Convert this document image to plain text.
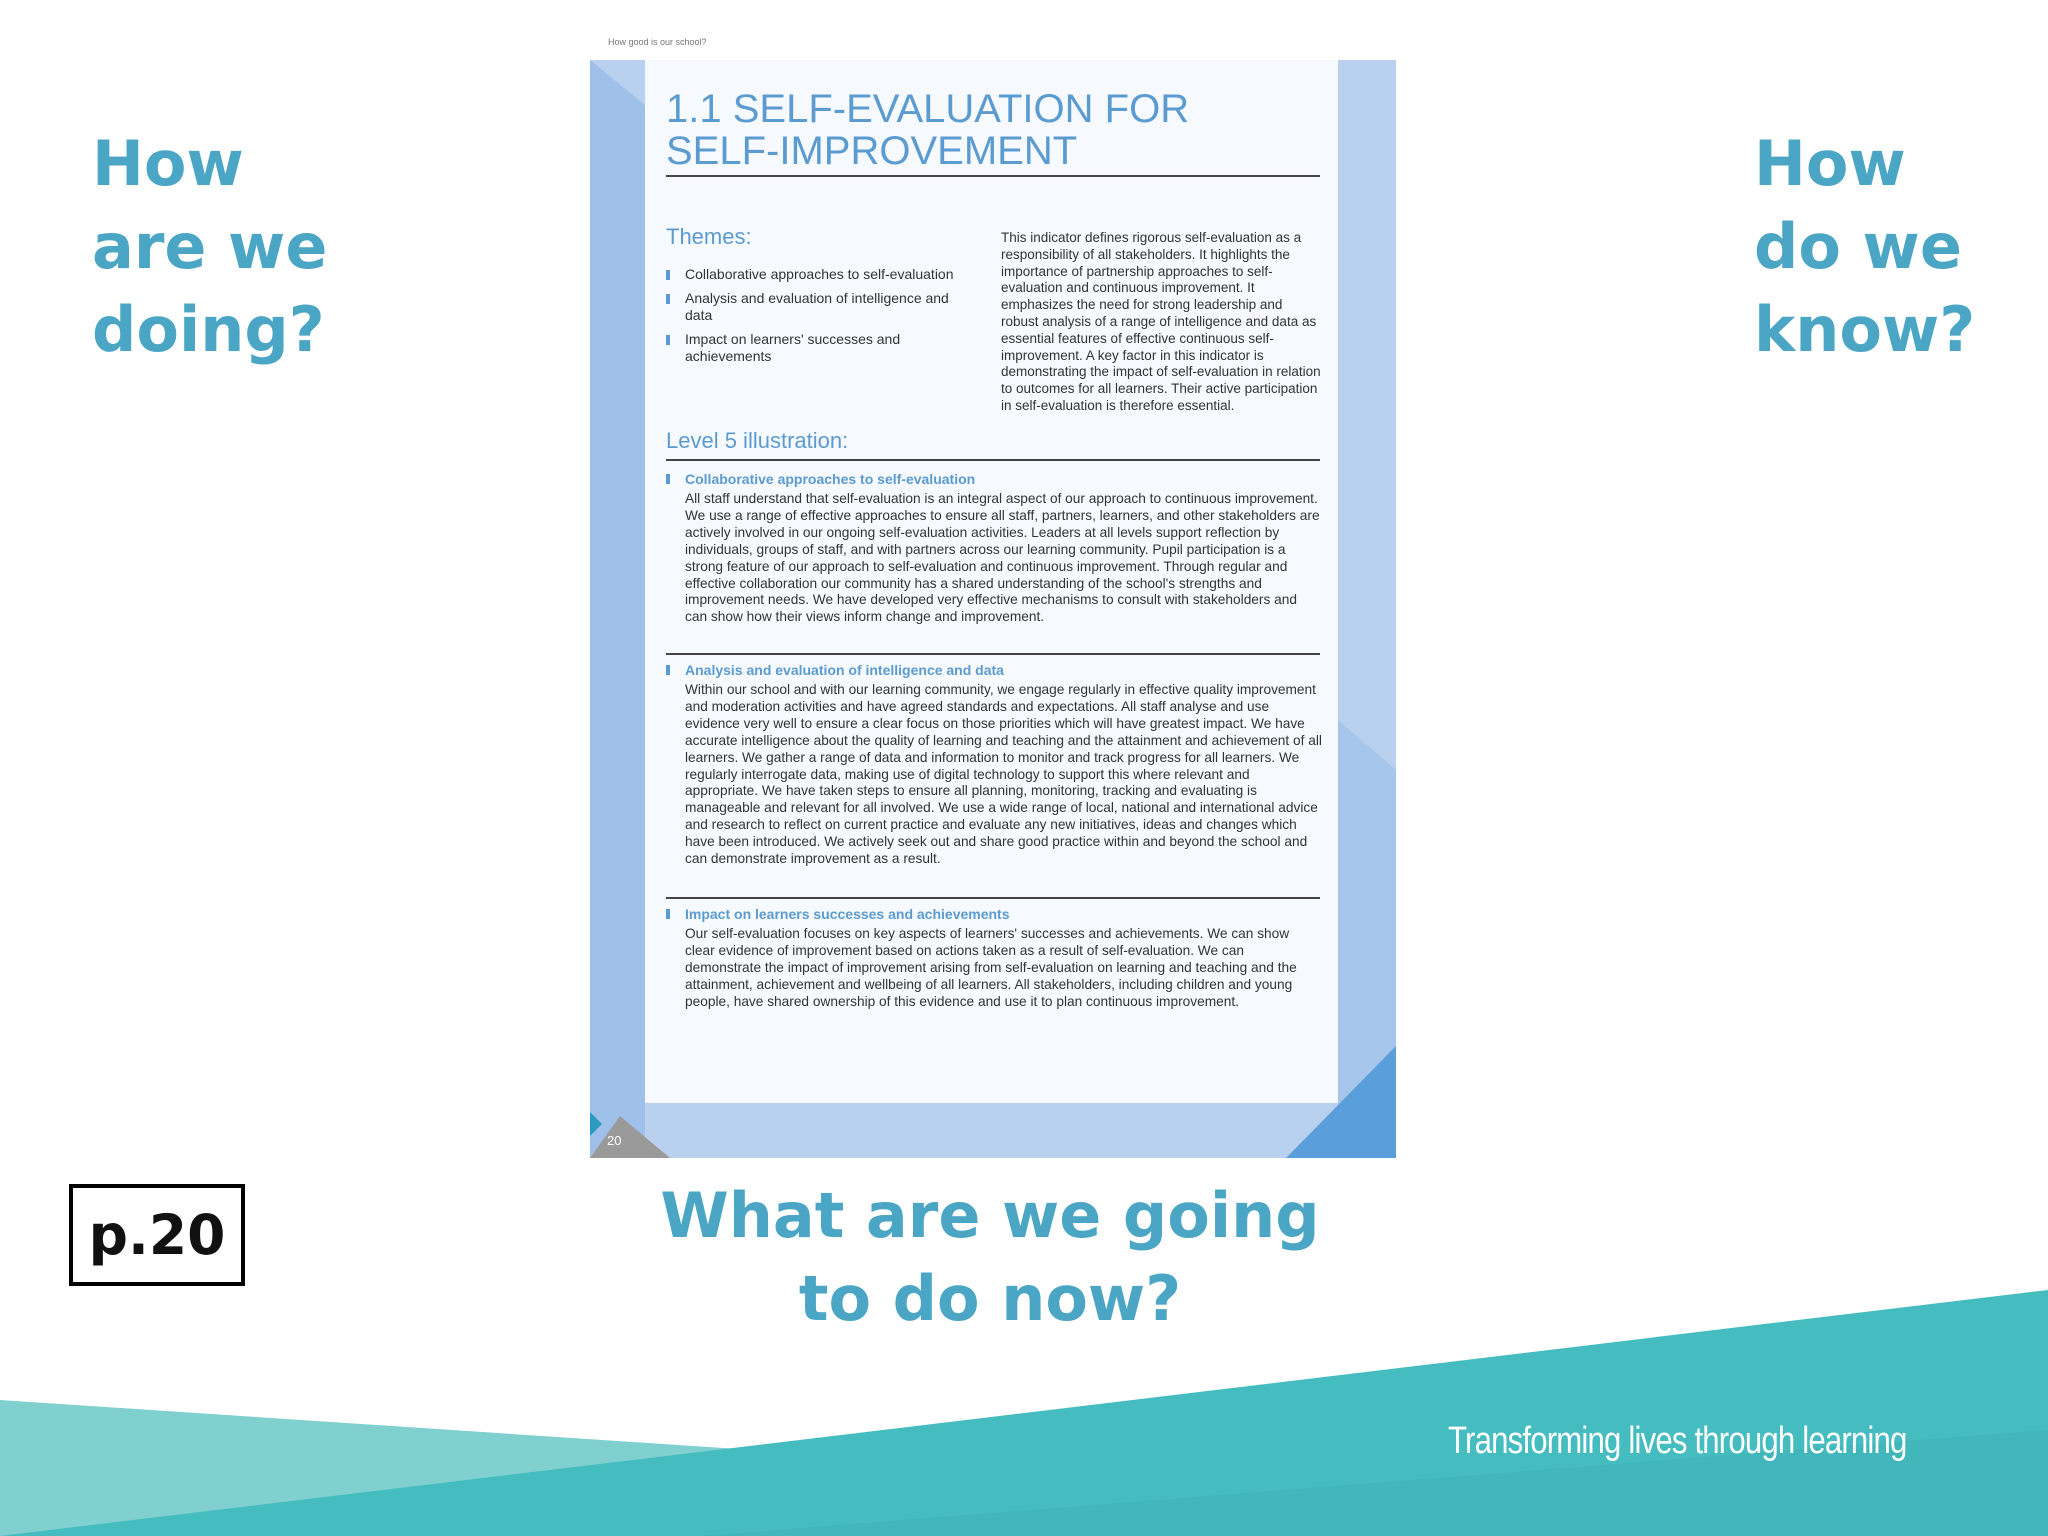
How
are we
doing?
How
do we
know?
What are we going
to do now?
p.20
How good is our school?
20
1.1 SELF-EVALUATION FOR
SELF-IMPROVEMENT
Themes:
Collaborative approaches to self-evaluation
Analysis and evaluation of intelligence and data
Impact on learners' successes and achievements
This indicator defines rigorous self-evaluation as a responsibility of all stakeholders. It highlights the importance of partnership approaches to self-evaluation and continuous improvement. It emphasizes the need for strong leadership and robust analysis of a range of intelligence and data as essential features of effective continuous self-improvement. A key factor in this indicator is demonstrating the impact of self-evaluation in relation to outcomes for all learners. Their active participation in self-evaluation is therefore essential.
Level 5 illustration:
Collaborative approaches to self-evaluation
All staff understand that self-evaluation is an integral aspect of our approach to continuous improvement. We use a range of effective approaches to ensure all staff, partners, learners, and other stakeholders are actively involved in our ongoing self-evaluation activities. Leaders at all levels support reflection by individuals, groups of staff, and with partners across our learning community. Pupil participation is a strong feature of our approach to self-evaluation and continuous improvement. Through regular and effective collaboration our community has a shared understanding of the school's strengths and improvement needs. We have developed very effective mechanisms to consult with stakeholders and can show how their views inform change and improvement.
Analysis and evaluation of intelligence and data
Within our school and with our learning community, we engage regularly in effective quality improvement and moderation activities and have agreed standards and expectations. All staff analyse and use evidence very well to ensure a clear focus on those priorities which will have greatest impact. We have accurate intelligence about the quality of learning and teaching and the attainment and achievement of all learners. We gather a range of data and information to monitor and track progress for all learners. We regularly interrogate data, making use of digital technology to support this where relevant and appropriate. We have taken steps to ensure all planning, monitoring, tracking and evaluating is manageable and relevant for all involved. We use a wide range of local, national and international advice and research to reflect on current practice and evaluate any new initiatives, ideas and changes which have been introduced. We actively seek out and share good practice within and beyond the school and can demonstrate improvement as a result.
Impact on learners successes and achievements
Our self-evaluation focuses on key aspects of learners' successes and achievements. We can show clear evidence of improvement based on actions taken as a result of self-evaluation. We can demonstrate the impact of improvement arising from self-evaluation on learning and teaching and the attainment, achievement and wellbeing of all learners. All stakeholders, including children and young people, have shared ownership of this evidence and use it to plan continuous improvement.
Transforming lives through learning
